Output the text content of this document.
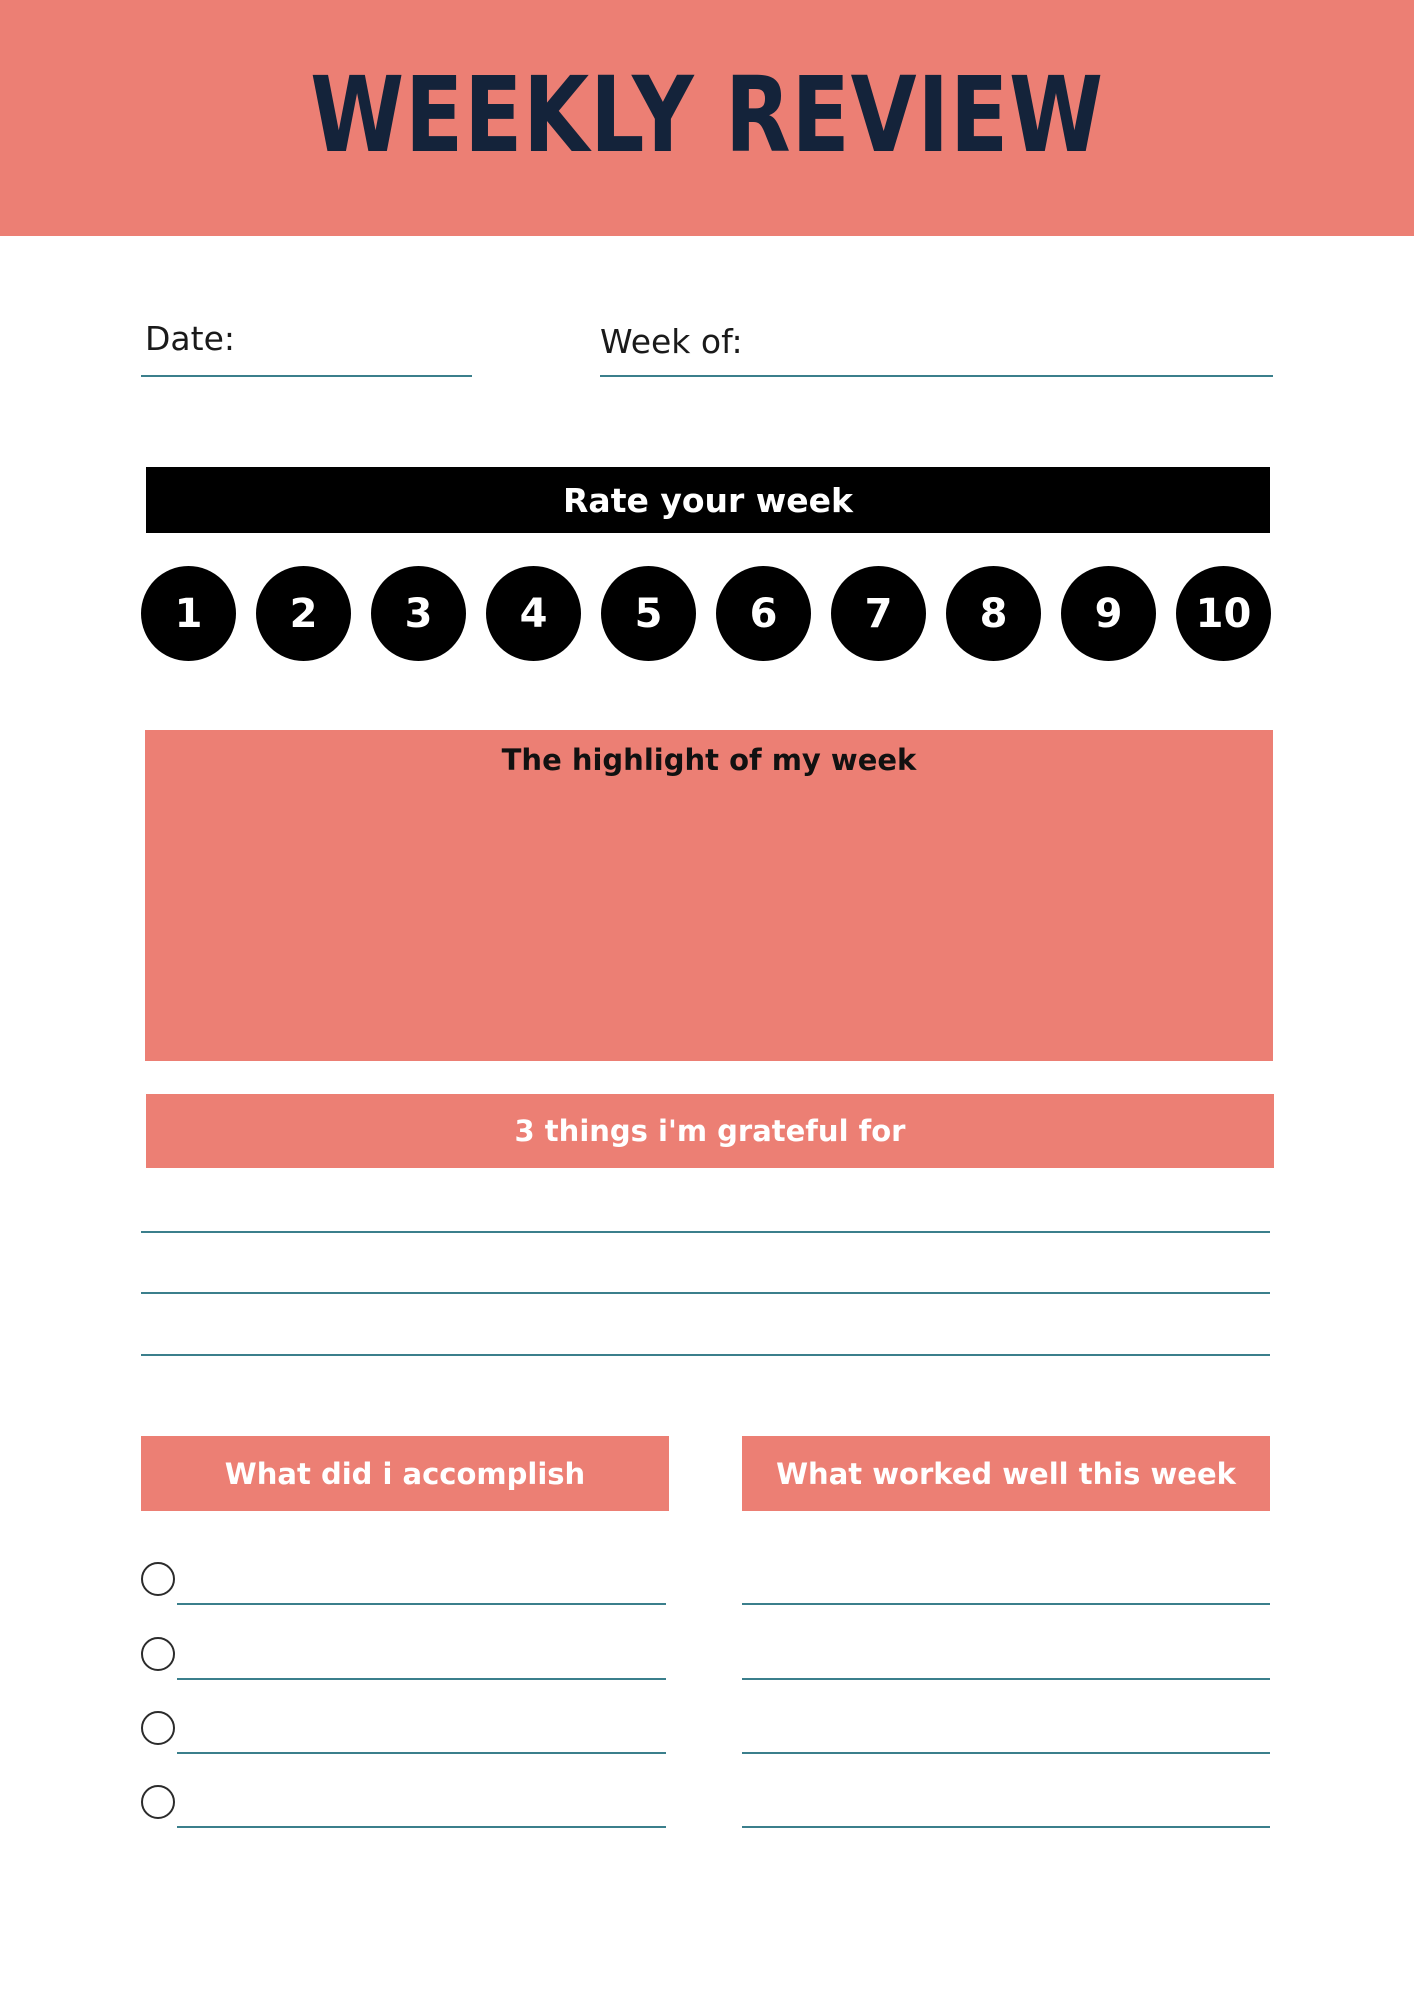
WEEKLY REVIEW
Date:	Week of:
Rate your week
1 2 3 4 5 6 7 8 9 10
The highlight of my week
3 things i'm grateful for
What did i accomplish	What worked well this week
